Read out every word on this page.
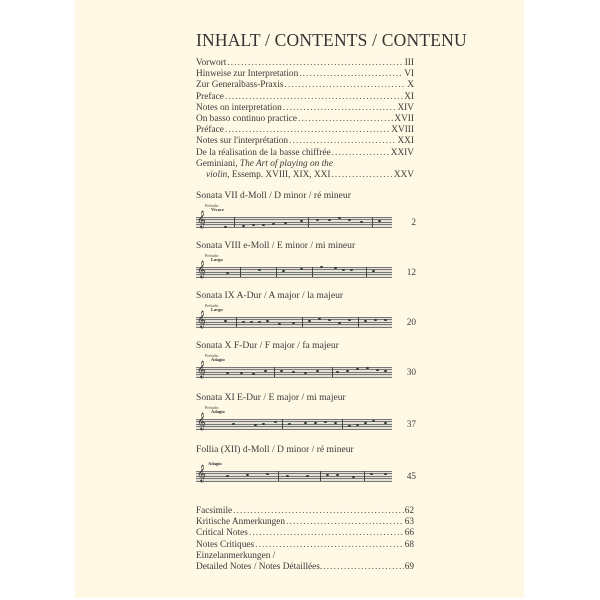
INHALT / CONTENTS / CONTENU
Vorwort . . .	III
Hinweise zur Interpretation . . .	VI
Zur Generalbass-Praxis . . .	X
Preface . . .	XI
Notes on interpretation . . .	XIV
On basso continuo practice . . .	XVII
Préface . . .	XVIII
Notes sur l'interprétation . . .	XXI
De la réalisation de la basse chiffrée . . .	XXIV
Geminiani, The Art of playing on the
violin, Essemp. XVIII, XIX, XXI . . .	XXV
Sonata VII d-Moll / D minor / ré mineur
Preludio
Vivace
𝄞	2
Sonata VIII e-Moll / E minor / mi mineur
Preludio
Largo
𝄞	12
Sonata IX A-Dur / A major / la majeur
Preludio
Largo
𝄞	20
Sonata X F-Dur / F major / fa majeur
Preludio
Adagio
𝄞	30
Sonata XI E-Dur / E major / mi majeur
Preludio
Adagio
𝄞	37
Follia (XII) d-Moll / D minor / ré mineur
Adagio
𝄞	45
Facsimile . . .	62
Kritische Anmerkungen . . .	63
Critical Notes . . .	66
Notes Critiques . . .	68
Einzelanmerkungen /
Detailed Notes / Notes Détaillées. . . .	69
